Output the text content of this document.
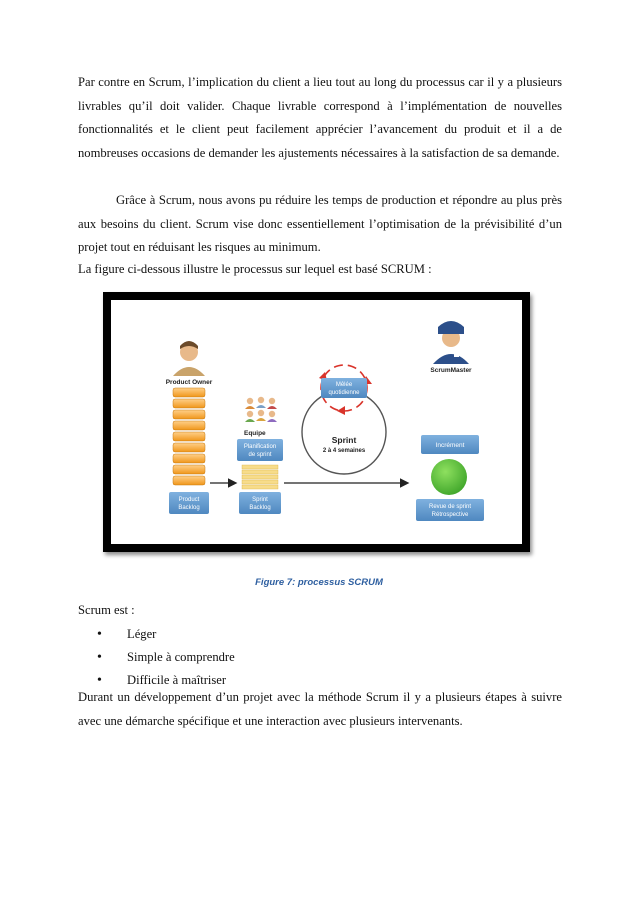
Par contre en Scrum, l’implication du client a lieu tout au long du processus car il y a plusieurs livrables qu’il doit valider. Chaque livrable correspond à l’implémentation de nouvelles fonctionnalités et le client peut facilement apprécier l’avancement du produit et il a de nombreuses occasions de demander les ajustements nécessaires à la satisfaction de sa demande.

Grâce à Scrum, nous avons pu réduire les temps de production et répondre au plus près aux besoins du client. Scrum vise donc essentiellement l’optimisation de la prévisibilité d’un projet tout en réduisant les risques au minimum.

La figure ci-dessous illustre le processus sur lequel est basé SCRUM :

Product Owner
Product
Backlog
Equipe
Planification
de sprint
Sprint
Backlog
Mêlée
quotidienne
Sprint
2 à 4 semaines
ScrumMaster
Incrément
Revue de sprint
Rétrospective
Figure 7: processus SCRUM

Scrum est :

• Léger
• Simple à comprendre
• Difficile à maîtriser

Durant un développement d’un projet avec la méthode Scrum il y a plusieurs étapes à suivre avec une démarche spécifique et une interaction avec plusieurs intervenants.
